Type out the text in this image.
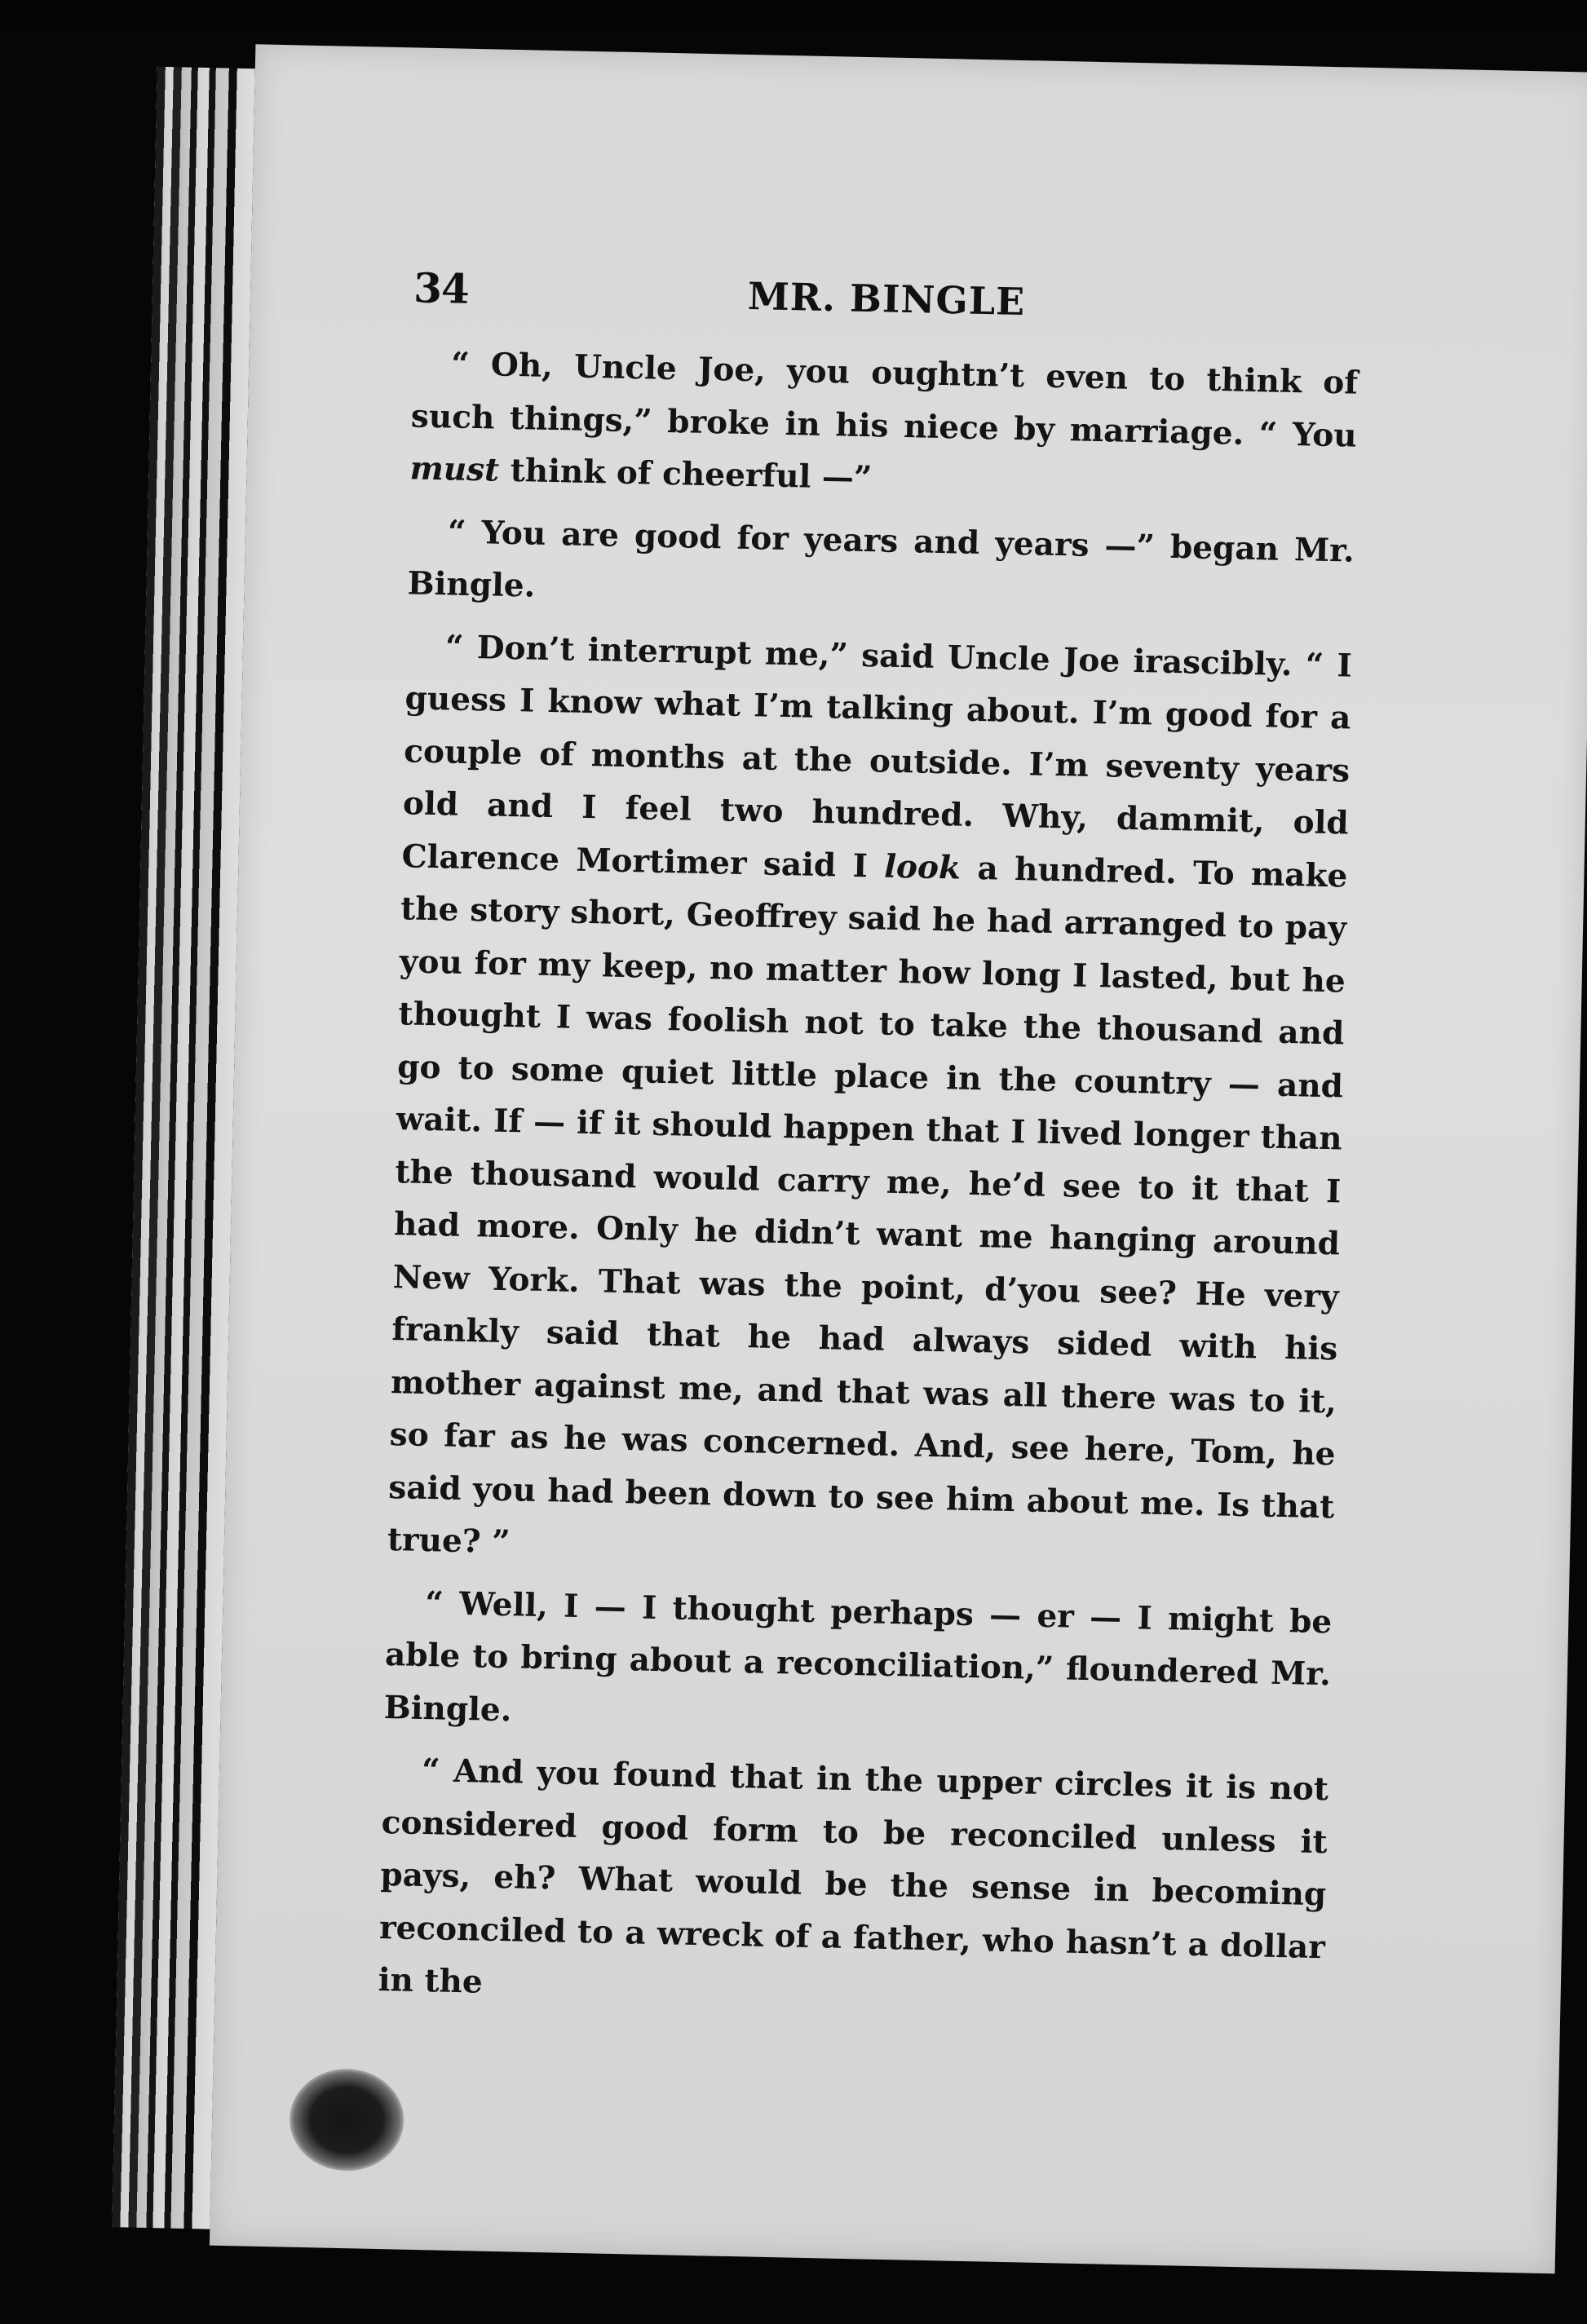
34	MR. BINGLE

“ Oh, Uncle Joe, you oughtn’t even to think of such things,” broke in his niece by marriage. “ You must think of cheerful —”

“ You are good for years and years —” began Mr. Bingle.

“ Don’t interrupt me,” said Uncle Joe irascibly. “ I guess I know what I’m talking about. I’m good for a couple of months at the outside. I’m seventy years old and I feel two hundred. Why, dammit, old Clarence Mortimer said I look a hundred. To make the story short, Geoffrey said he had arranged to pay you for my keep, no matter how long I lasted, but he thought I was foolish not to take the thousand and go to some quiet little place in the country — and wait. If — if it should happen that I lived longer than the thousand would carry me, he’d see to it that I had more. Only he didn’t want me hanging around New York. That was the point, d’you see? He very frankly said that he had always sided with his mother against me, and that was all there was to it, so far as he was concerned. And, see here, Tom, he said you had been down to see him about me. Is that true? ”

“ Well, I — I thought perhaps — er — I might be able to bring about a reconciliation,” floundered Mr. Bingle.

“ And you found that in the upper circles it is not considered good form to be reconciled unless it pays, eh? What would be the sense in becoming reconciled to a wreck of a father, who hasn’t a dollar in the
